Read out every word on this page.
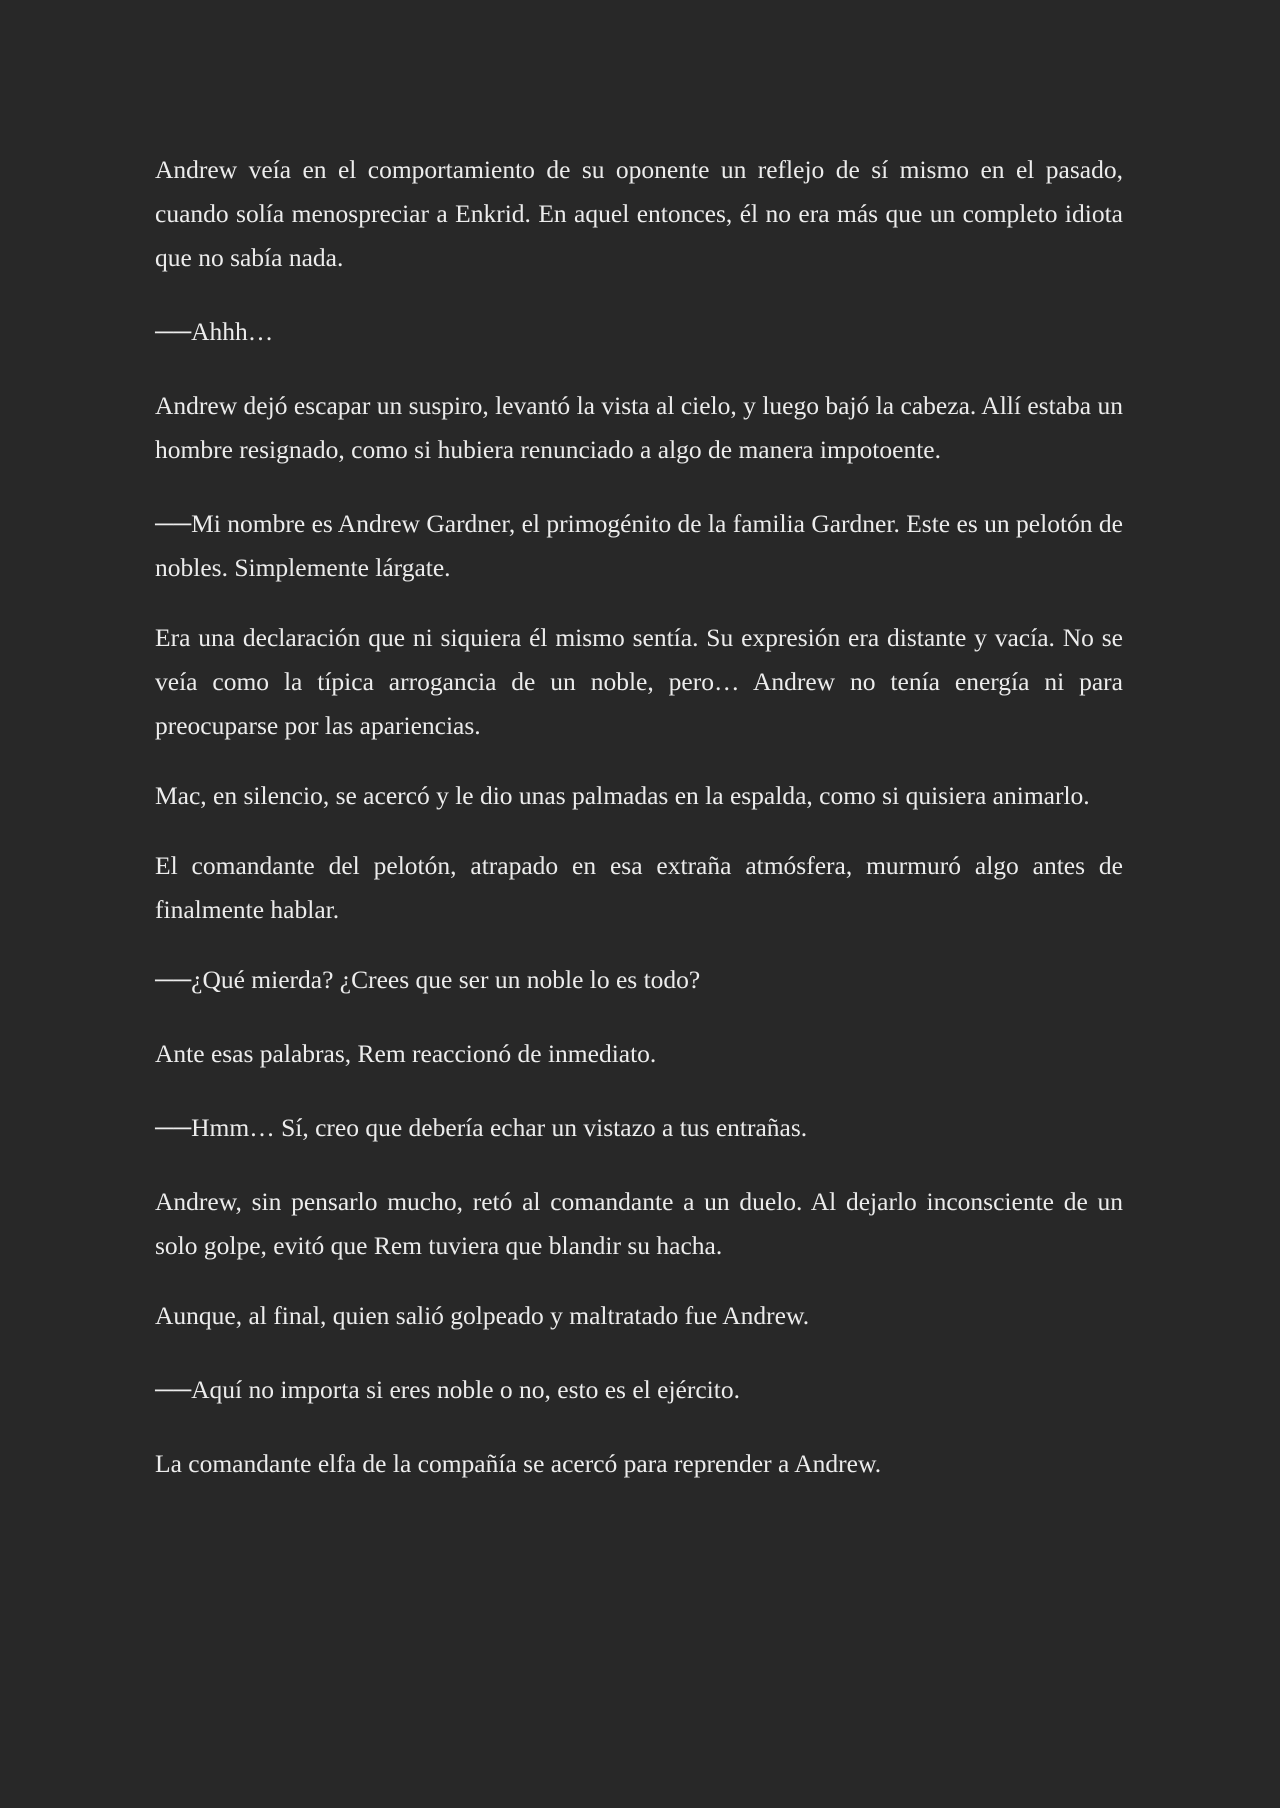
Andrew veía en el comportamiento de su oponente un reflejo de sí mismo en el pasado, cuando solía menospreciar a Enkrid. En aquel entonces, él no era más que un completo idiota que no sabía nada.

──Ahhh…

Andrew dejó escapar un suspiro, levantó la vista al cielo, y luego bajó la cabeza. Allí estaba un hombre resignado, como si hubiera renunciado a algo de manera impotoente.

──Mi nombre es Andrew Gardner, el primogénito de la familia Gardner. Este es un pelotón de nobles. Simplemente lárgate.

Era una declaración que ni siquiera él mismo sentía. Su expresión era distante y vacía. No se veía como la típica arrogancia de un noble, pero… Andrew no tenía energía ni para preocuparse por las apariencias.

Mac, en silencio, se acercó y le dio unas palmadas en la espalda, como si quisiera animarlo.

El comandante del pelotón, atrapado en esa extraña atmósfera, murmuró algo antes de finalmente hablar.

──¿Qué mierda? ¿Crees que ser un noble lo es todo?

Ante esas palabras, Rem reaccionó de inmediato.

──Hmm… Sí, creo que debería echar un vistazo a tus entrañas.

Andrew, sin pensarlo mucho, retó al comandante a un duelo. Al dejarlo inconsciente de un solo golpe, evitó que Rem tuviera que blandir su hacha.

Aunque, al final, quien salió golpeado y maltratado fue Andrew.

──Aquí no importa si eres noble o no, esto es el ejército.

La comandante elfa de la compañía se acercó para reprender a Andrew.
